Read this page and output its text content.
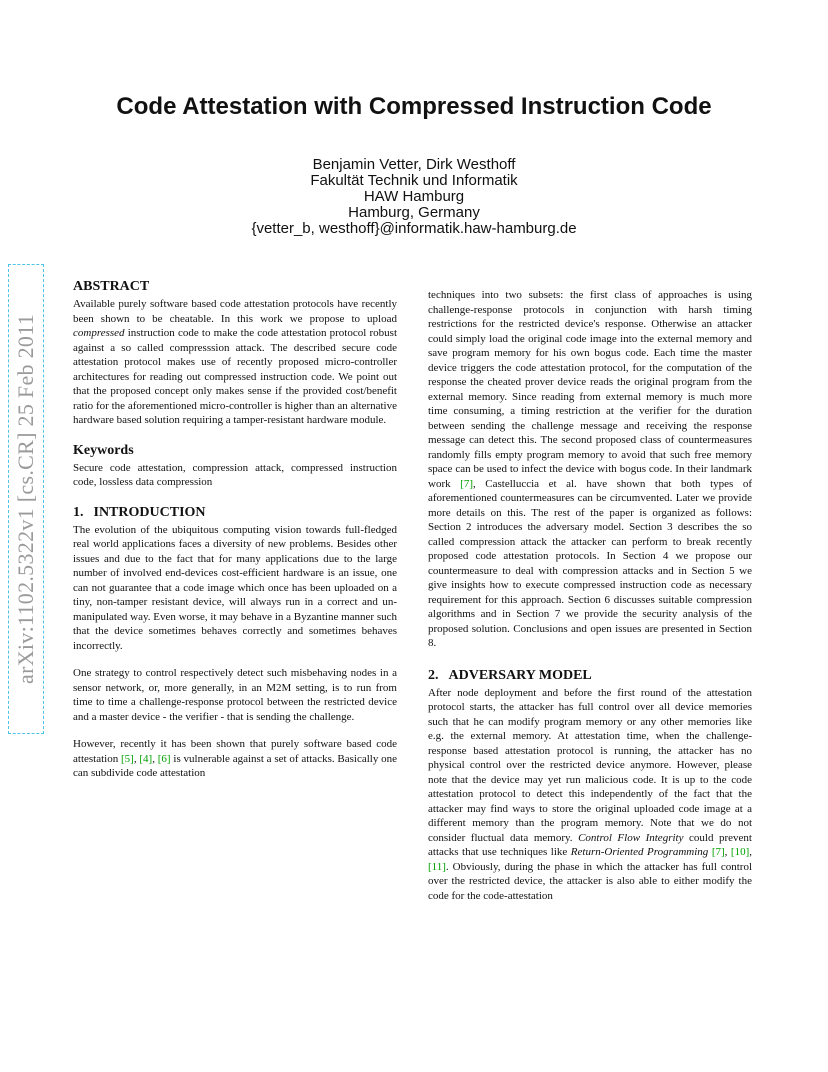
Code Attestation with Compressed Instruction Code
Benjamin Vetter, Dirk Westhoff
Fakultät Technik und Informatik
HAW Hamburg
Hamburg, Germany
{vetter_b, westhoff}@informatik.haw-hamburg.de
arXiv:1102.5322v1 [cs.CR] 25 Feb 2011
ABSTRACT

Available purely software based code attestation protocols have recently been shown to be cheatable. In this work we propose to upload compressed instruction code to make the code attestation protocol robust against a so called compresssion attack. The described secure code attestation protocol makes use of recently proposed micro-controller architectures for reading out compressed instruction code. We point out that the proposed concept only makes sense if the provided cost/benefit ratio for the aforementioned micro-controller is higher than an alternative hardware based solution requiring a tamper-resistant hardware module.

Keywords

Secure code attestation, compression attack, compressed instruction code, lossless data compression

1. INTRODUCTION

The evolution of the ubiquitous computing vision towards full-fledged real world applications faces a diversity of new problems. Besides other issues and due to the fact that for many applications due to the large number of involved end-devices cost-efficient hardware is an issue, one can not guarantee that a code image which once has been uploaded on a tiny, non-tamper resistant device, will always run in a correct and un-manipulated way. Even worse, it may behave in a Byzantine manner such that the device sometimes behaves correctly and sometimes behaves incorrectly.

One strategy to control respectively detect such misbehaving nodes in a sensor network, or, more generally, in an M2M setting, is to run from time to time a challenge-response protocol between the restricted device and a master device - the verifier - that is sending the challenge.

However, recently it has been shown that purely software based code attestation [5], [4], [6] is vulnerable against a set of attacks. Basically one can subdivide code attestation

techniques into two subsets: the first class of approaches is using challenge-response protocols in conjunction with harsh timing restrictions for the restricted device's response. Otherwise an attacker could simply load the original code image into the external memory and save program memory for his own bogus code. Each time the master device triggers the code attestation protocol, for the computation of the response the cheated prover device reads the original program from the external memory. Since reading from external memory is much more time consuming, a timing restriction at the verifier for the duration between sending the challenge message and receiving the response message can detect this. The second proposed class of countermeasures randomly fills empty program memory to avoid that such free memory space can be used to infect the device with bogus code. In their landmark work [7], Castelluccia et al. have shown that both types of aforementioned countermeasures can be circumvented. Later we provide more details on this. The rest of the paper is organized as follows: Section 2 introduces the adversary model. Section 3 describes the so called compression attack the attacker can perform to break recently proposed code attestation protocols. In Section 4 we propose our countermeasure to deal with compression attacks and in Section 5 we give insights how to execute compressed instruction code as necessary requirement for this approach. Section 6 discusses suitable compression algorithms and in Section 7 we provide the security analysis of the proposed solution. Conclusions and open issues are presented in Section 8.

2. ADVERSARY MODEL

After node deployment and before the first round of the attestation protocol starts, the attacker has full control over all device memories such that he can modify program memory or any other memories like e.g. the external memory. At attestation time, when the challenge-response based attestation protocol is running, the attacker has no physical control over the restricted device anymore. However, please note that the device may yet run malicious code. It is up to the code attestation protocol to detect this independently of the fact that the attacker may find ways to store the original uploaded code image at a different memory than the program memory. Note that we do not consider fluctual data memory. Control Flow Integrity could prevent attacks that use techniques like Return-Oriented Programming [7], [10], [11]. Obviously, during the phase in which the attacker has full control over the restricted device, the attacker is also able to either modify the code for the code-attestation
